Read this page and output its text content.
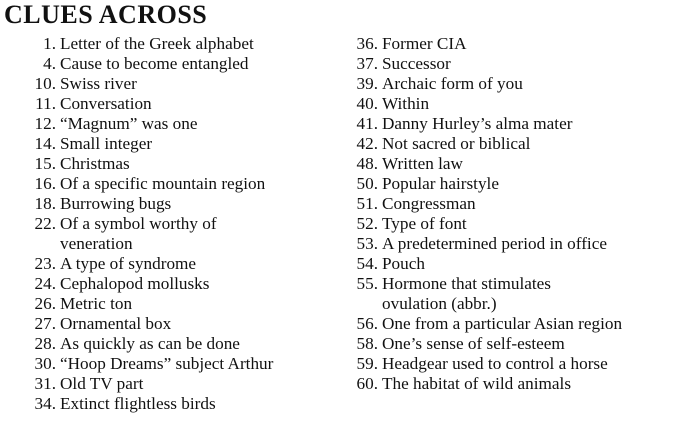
CLUES ACROSS
1. Letter of the Greek alphabet
4. Cause to become entangled
10. Swiss river
11. Conversation
12. “Magnum” was one
14. Small integer
15. Christmas
16. Of a specific mountain region
18. Burrowing bugs
22. Of a symbol worthy of veneration
23. A type of syndrome
24. Cephalopod mollusks
26. Metric ton
27. Ornamental box
28. As quickly as can be done
30. “Hoop Dreams” subject Arthur
31. Old TV part
34. Extinct flightless birds
36. Former CIA
37. Successor
39. Archaic form of you
40. Within
41. Danny Hurley’s alma mater
42. Not sacred or biblical
48. Written law
50. Popular hairstyle
51. Congressman
52. Type of font
53. A predetermined period in office
54. Pouch
55. Hormone that stimulates ovulation (abbr.)
56. One from a particular Asian region
58. One’s sense of self-esteem
59. Headgear used to control a horse
60. The habitat of wild animals
